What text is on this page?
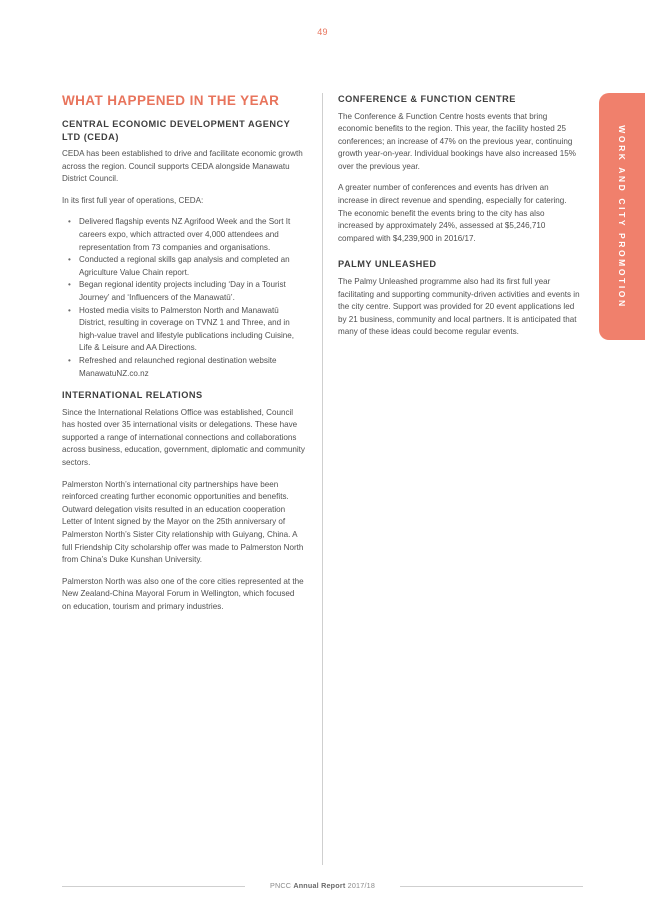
49
WHAT HAPPENED IN THE YEAR
CENTRAL ECONOMIC DEVELOPMENT AGENCY LTD (CEDA)

CEDA has been established to drive and facilitate economic growth across the region. Council supports CEDA alongside Manawatu District Council.

In its first full year of operations, CEDA:

• Delivered flagship events NZ Agrifood Week and the Sort It careers expo, which attracted over 4,000 attendees and representation from 73 companies and organisations.
• Conducted a regional skills gap analysis and completed an Agriculture Value Chain report.
• Began regional identity projects including ‘Day in a Tourist Journey’ and ‘Influencers of the Manawatū’.
• Hosted media visits to Palmerston North and Manawatū District, resulting in coverage on TVNZ 1 and Three, and in high-value travel and lifestyle publications including Cuisine, Life & Leisure and AA Directions.
• Refreshed and relaunched regional destination website ManawatuNZ.co.nz
INTERNATIONAL RELATIONS

Since the International Relations Office was established, Council has hosted over 35 international visits or delegations. These have supported a range of international connections and collaborations across business, education, government, diplomatic and community sectors.

Palmerston North’s international city partnerships have been reinforced creating further economic opportunities and benefits. Outward delegation visits resulted in an education cooperation Letter of Intent signed by the Mayor on the 25th anniversary of Palmerston North’s Sister City relationship with Guiyang, China. A full Friendship City scholarship offer was made to Palmerston North from China’s Duke Kunshan University.

Palmerston North was also one of the core cities represented at the New Zealand-China Mayoral Forum in Wellington, which focused on education, tourism and primary industries.

CONFERENCE & FUNCTION CENTRE

The Conference & Function Centre hosts events that bring economic benefits to the region. This year, the facility hosted 25 conferences; an increase of 47% on the previous year, continuing growth year-on-year. Individual bookings have also increased 15% over the previous year.

A greater number of conferences and events has driven an increase in direct revenue and spending, especially for catering. The economic benefit the events bring to the city has also increased by approximately 24%, assessed at $5,246,710 compared with $4,239,900 in 2016/17.

PALMY UNLEASHED

The Palmy Unleashed programme also had its first full year facilitating and supporting community-driven activities and events in the city centre. Support was provided for 20 event applications led by 21 business, community and local partners. It is anticipated that many of these ideas could become regular events.

WORK AND CITY PROMOTION
PNCC Annual Report 2017/18
